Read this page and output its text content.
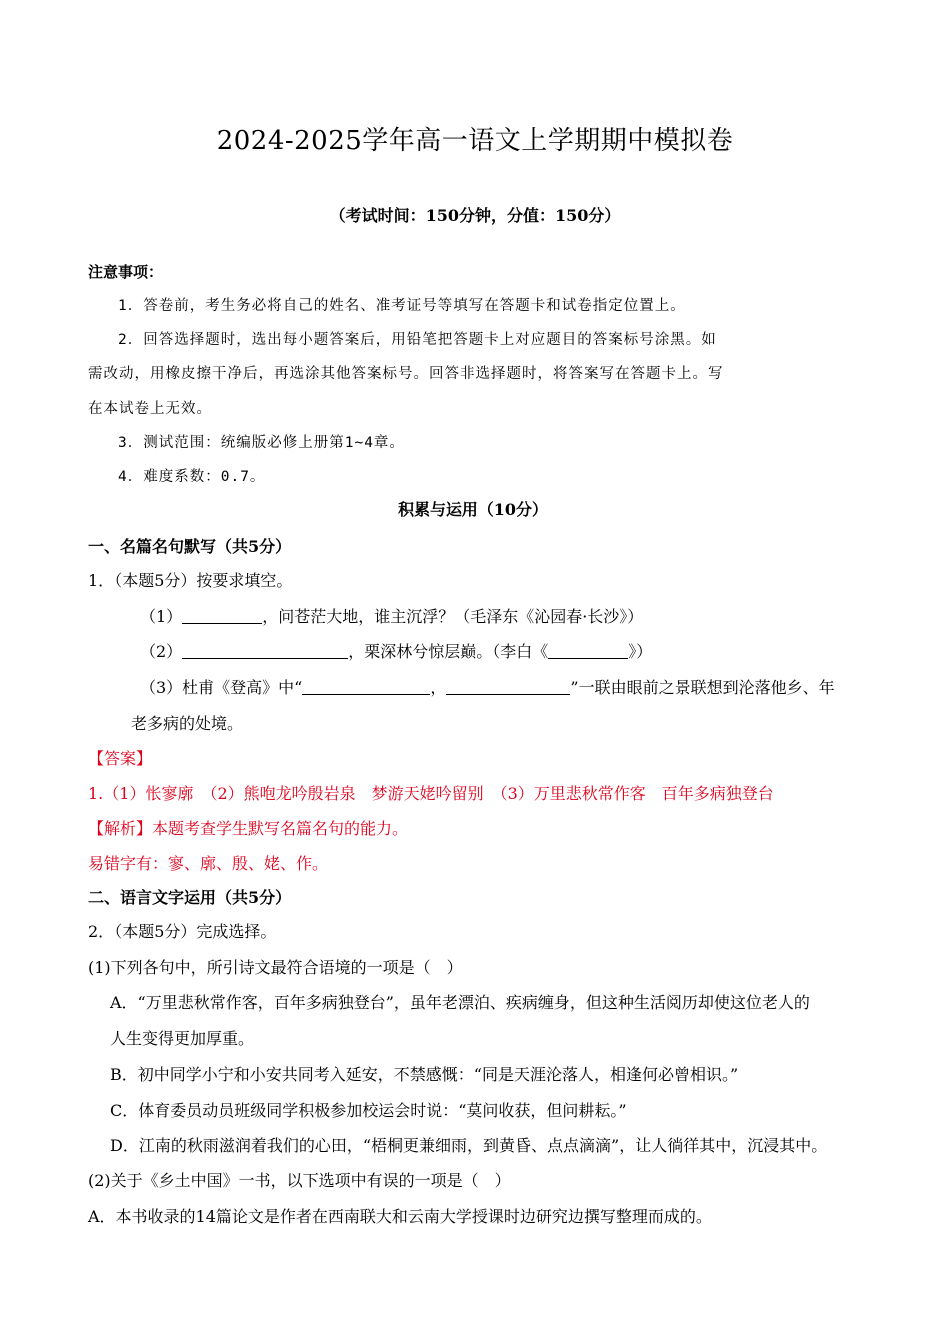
2024-2025学年高一语文上学期期中模拟卷
（考试时间：150分钟，分值：150分）
注意事项：
1．答卷前，考生务必将自己的姓名、准考证号等填写在答题卡和试卷指定位置上。
2．回答选择题时，选出每小题答案后，用铅笔把答题卡上对应题目的答案标号涂黑。如
需改动，用橡皮擦干净后，再选涂其他答案标号。回答非选择题时，将答案写在答题卡上。写
在本试卷上无效。
3．测试范围：统编版必修上册第1~4章。
4．难度系数：0.7。
积累与运用（10分）
一、名篇名句默写（共5分）
1．（本题5分）按要求填空。
（1）	，问苍茫大地，谁主沉浮？（毛泽东《沁园春·长沙》）
（2）	，栗深林兮惊层巅。（李白《	》）
（3）杜甫《登高》中“	，	”一联由眼前之景联想到沦落他乡、年
老多病的处境。
【答案】
1.（1）怅寥廓　（2）熊咆龙吟殷岩泉　梦游天姥吟留别　（3）万里悲秋常作客　百年多病独登台
【解析】本题考查学生默写名篇名句的能力。
易错字有：寥、廓、殷、姥、作。
二、语言文字运用（共5分）
2．（本题5分）完成选择。
(1)下列各句中，所引诗文最符合语境的一项是（　）
A．“万里悲秋常作客，百年多病独登台”，虽年老漂泊、疾病缠身，但这种生活阅历却使这位老人的
人生变得更加厚重。
B．初中同学小宁和小安共同考入延安，不禁感慨：“同是天涯沦落人，相逢何必曾相识。”
C．体育委员动员班级同学积极参加校运会时说：“莫问收获，但问耕耘。”
D．江南的秋雨滋润着我们的心田，“梧桐更兼细雨，到黄昏、点点滴滴”，让人徜徉其中，沉浸其中。
(2)关于《乡土中国》一书，以下选项中有误的一项是（　）
A．本书收录的14篇论文是作者在西南联大和云南大学授课时边研究边撰写整理而成的。
